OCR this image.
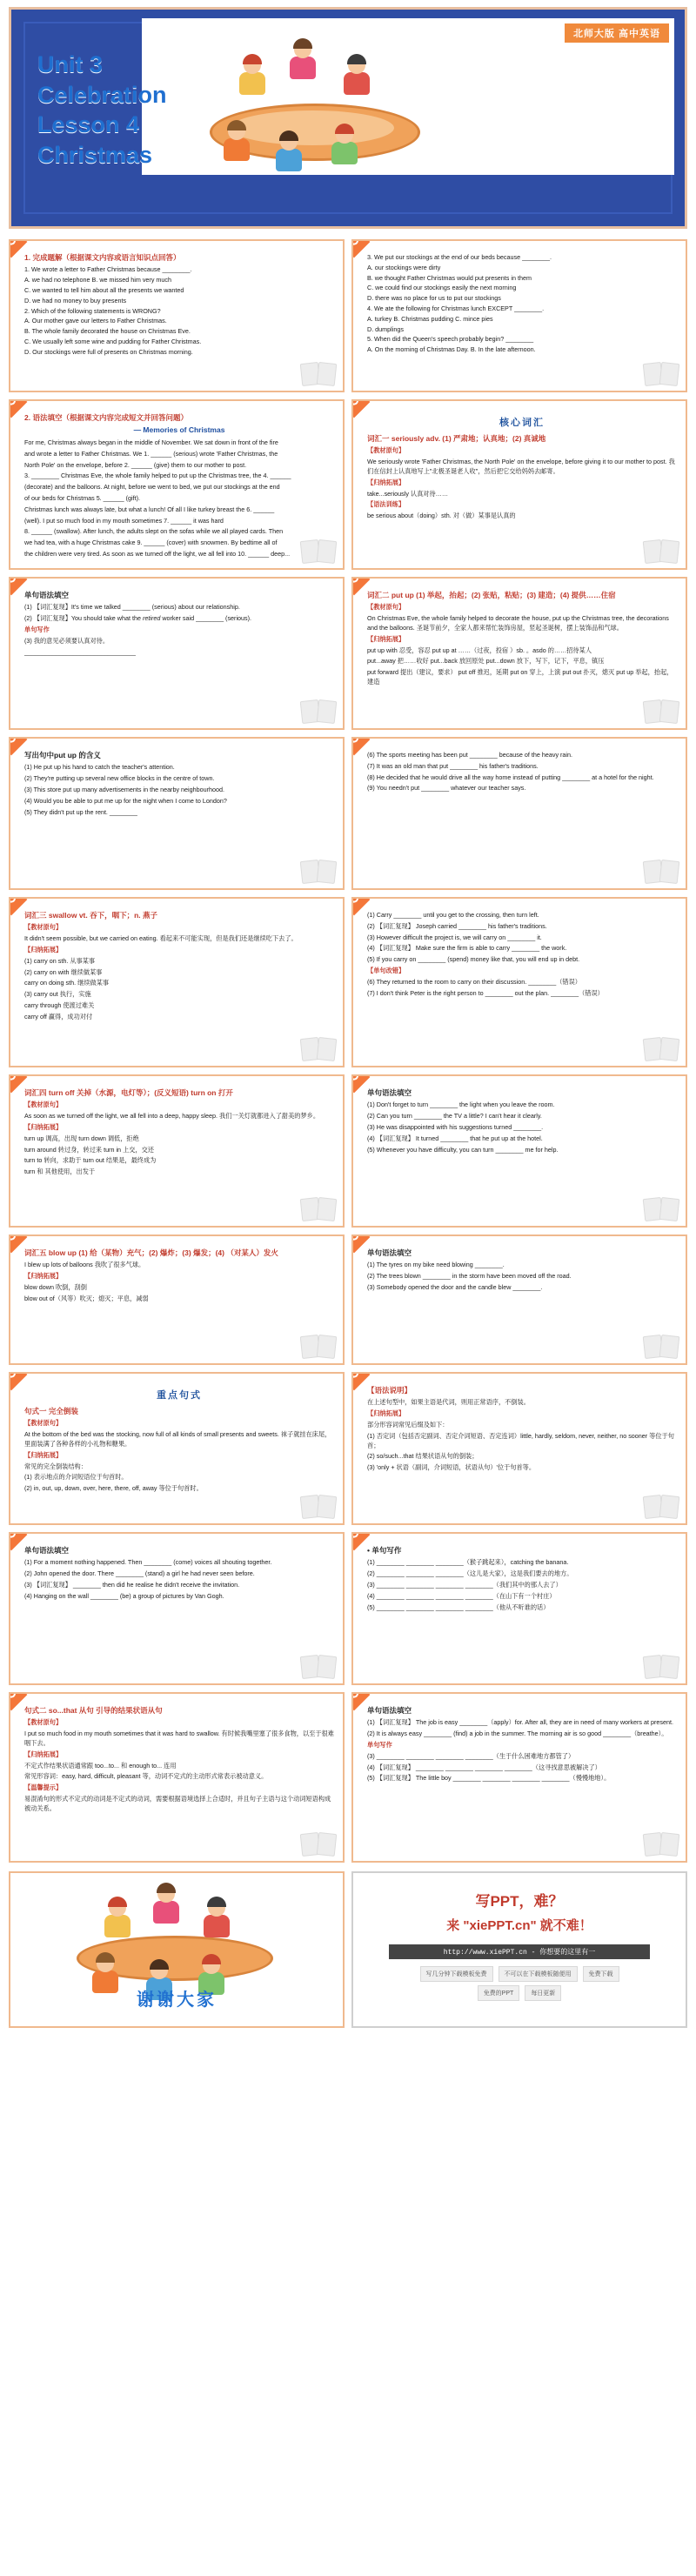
北师大版 高中英语
Unit 3
Celebration
Lesson 4
Christmas
1. 完成题解（根据课文内容或语言知识点回答）

1. We wrote a letter to Father Christmas because ________.

A. we had no telephone B. we missed him very much

C. we wanted to tell him about all the presents we wanted

D. we had no money to buy presents

2. Which of the following statements is WRONG?

A. Our mother gave our letters to Father Christmas.

B. The whole family decorated the house on Christmas Eve.

C. We usually left some wine and pudding for Father Christmas.

D. Our stockings were full of presents on Christmas morning.

3. We put our stockings at the end of our beds because ________.

A. our stockings were dirty

B. we thought Father Christmas would put presents in them

C. we could find our stockings easily the next morning

D. there was no place for us to put our stockings

4. We ate the following for Christmas lunch EXCEPT ________.

A. turkey B. Christmas pudding C. mince pies

D. dumplings

5. When did the Queen's speech probably begin? ________

A. On the morning of Christmas Day. B. In the late afternoon.

2. 语法填空（根据课文内容完成短文并回答问题）
— Memories of Christmas

For me, Christmas always began in the middle of November. We sat down in front of the fire

and wrote a letter to Father Christmas. We 1. ______ (serious) wrote 'Father Christmas, the

North Pole' on the envelope, before 2. ______ (give) them to our mother to post.

3. ________ Christmas Eve, the whole family helped to put up the Christmas tree, the 4. ______

(decorate) and the balloons. At night, before we went to bed, we put our stockings at the end

of our beds for Christmas 5. ______ (gift).

Christmas lunch was always late, but what a lunch! Of all I like turkey breast the 6. ______

(well). I put so much food in my mouth sometimes 7. ______ it was hard

8. ______ (swallow). After lunch, the adults slept on the sofas while we all played cards. Then

we had tea, with a huge Christmas cake 9. ______ (cover) with snowmen. By bedtime all of

the children were very tired. As soon as we turned off the light, we all fell into 10. ______ deep...

核心词汇
词汇一 seriously adv. (1) 严肃地；认真地；(2) 真诚地

【教材原句】

We seriously wrote 'Father Christmas, the North Pole' on the envelope, before giving it to our mother to post. 我们在信封上认真地写上"北极圣诞老人收"，然后把它交给妈妈去邮寄。

【归纳拓展】

take...seriously 认真对待……

【语法训练】

be serious about（doing）sth. 对（做）某事是认真的

单句语法填空

(1) 【词汇复现】It's time we talked ________ (serious) about our relationship.

(2) 【词汇复现】You should take what the retired worker said ________ (serious).

单句写作

(3) 我的意见必须要认真对待。

________________________________

词汇二 put up (1) 举起，抬起；(2) 张贴，粘贴；(3) 建造；(4) 提供……住宿

【教材原句】

On Christmas Eve, the whole family helped to decorate the house, put up the Christmas tree, the decorations and the balloons. 圣诞节前夕，全家人都来帮忙装饰房屋，竖起圣诞树，摆上装饰品和气球。

【归纳拓展】

put up with 忍受，容忍 put up at ……（过夜，投宿 ）sb. 。asdo 的……招待某人

put...away 把……收好 put...back 放回原处 put...down 放下，写下，记下，平息，镇压

put forward 提出（建议，要求） put off 推迟，延期 put on 穿上，上演 put out 扑灭，熄灭 put up 举起，抬起，建造

写出句中put up 的含义

(1) He put up his hand to catch the teacher's attention.

(2) They're putting up several new office blocks in the centre of town.

(3) This store put up many advertisements in the nearby neighbourhood.

(4) Would you be able to put me up for the night when I come to London?

(5) They didn't put up the rent. ________

(6) The sports meeting has been put ________ because of the heavy rain.

(7) It was an old man that put ________ his father's traditions.

(8) He decided that he would drive all the way home instead of putting ________ at a hotel for the night.

(9) You needn't put ________ whatever our teacher says.

词汇三 swallow vt. 吞下，咽下；n. 燕子

【教材原句】

It didn't seem possible, but we carried on eating. 看起来不可能实现，但是我们还是继续吃下去了。

【归纳拓展】

(1) carry on sth. 从事某事

(2) carry on with 继续做某事

carry on doing sth. 继续做某事

(3) carry out 执行，实施

carry through 使渡过难关

carry off 赢得，成功对付

(1) Carry ________ until you get to the crossing, then turn left.

(2) 【词汇复现】 Joseph carried ________ his father's traditions.

(3) However difficult the project is, we will carry on ________ it.

(4) 【词汇复现】 Make sure the firm is able to carry ________ the work.

(5) If you carry on ________ (spend) money like that, you will end up in debt.

【单句改错】

(6) They returned to the room to carry on their discussion. ________（错误）

(7) I don't think Peter is the right person to ________ out the plan. ________（错误）

词汇四 turn off 关掉（水源，电灯等）；(反义短语) turn on 打开

【教材原句】

As soon as we turned off the light, we all fell into a deep, happy sleep. 我们一关灯就都进入了甜美的梦乡。

【归纳拓展】

turn up 调高，出现 turn down 调低，拒绝

turn around 转过身，转过来 turn in 上交，交还

turn to 转向，求助于 turn out 结果是，最终成为

turn 和 其他使用，出发于

单句语法填空

(1) Don't forget to turn ________ the light when you leave the room.

(2) Can you turn ________ the TV a little? I can't hear it clearly.

(3) He was disappointed with his suggestions turned ________.

(4) 【词汇复现】 It turned ________ that he put up at the hotel.

(5) Whenever you have difficulty, you can turn ________ me for help.

词汇五 blow up (1) 给（某物）充气；(2) 爆炸；(3) 爆发；(4) （对某人）发火

I blew up lots of balloons 我吹了很多气球。

【归纳拓展】

blow down 吹倒，刮倒

blow out of（风等）吹灭；熄灭；平息，减弱

单句语法填空

(1) The tyres on my bike need blowing ________.

(2) The trees blown ________ in the storm have been moved off the road.

(3) Somebody opened the door and the candle blew ________.

重点句式
句式一 完全倒装

【教材原句】

At the bottom of the bed was the stocking, now full of all kinds of small presents and sweets. 袜子就挂在床尾，里面装满了各种各样的小礼物和糖果。

【归纳拓展】

常见的完全倒装结构：

(1) 表示地点的介词短语位于句首时。

(2) in, out, up, down, over, here, there, off, away 等位于句首时。

【语法说明】

在上述句型中，如果主语是代词，则用正常语序，不倒装。

【归纳拓展】

部分形容词常见后缀及如下：

(1) 否定词（包括否定副词、否定介词短语、否定连词）little, hardly, seldom, never, neither, no sooner 等位于句首；

(2) so/such...that 结果状语从句的倒装；

(3) 'only + 状语（副词，介词短语，状语从句）'位于句首等。

单句语法填空

(1) For a moment nothing happened. Then ________ (come) voices all shouting together.

(2) John opened the door. There ________ (stand) a girl he had never seen before.

(3) 【词汇复现】 ________ then did he realise he didn't receive the invitation.

(4) Hanging on the wall ________ (be) a group of pictures by Van Gogh.

• 单句写作

(1) ________ ________ ________（猴子跳起来），catching the banana.

(2) ________ ________ ________（这儿是大家），这是我们要去的地方。

(3) ________ ________ ________ ________（我们其中的那人去了）

(4) ________ ________ ________ ________（在山下有一个村庄）

(5) ________ ________ ________ ________（他从不听谁的话）

句式二 so...that 从句 引导的结果状语从句

【教材原句】

I put so much food in my mouth sometimes that it was hard to swallow. 有时候我嘴里塞了很多食物，以至于很难咽下去。

【归纳拓展】

不定式作结果状语通常跟 too...to... 和 enough to... 连用

常见形容词：easy, hard, difficult, pleasant 等，动词不定式的主动形式常表示被动意义。

【温馨提示】

易混淆句的形式不定式的动词是不定式的动词，需要根据语境选择上合适时，并且句子主语与这个动词短语构成被动关系。

单句语法填空

(1) 【词汇复现】 The job is easy ________（apply）for. After all, they are in need of many workers at present.

(2) It is always easy ________ (find) a job in the summer. The morning air is so good ________（breathe）。

单句写作

(3) ________ ________ ________ ________（生于什么困难地方都管了）

(4) 【词汇复现】 ________ ________ ________ ________（这寻找意思被解决了）

(5) 【词汇复现】 The little boy ________ ________ ________ ________（慢慢地地）。

谢谢大家
写PPT，难？
来 "xiePPT.cn" 就不难！
http://www.xiePPT.cn - 你想要的这里有一
写几分钟下载模板免费	不可以在下载模板随便用	免费下载
免费的PPT	每日更新
